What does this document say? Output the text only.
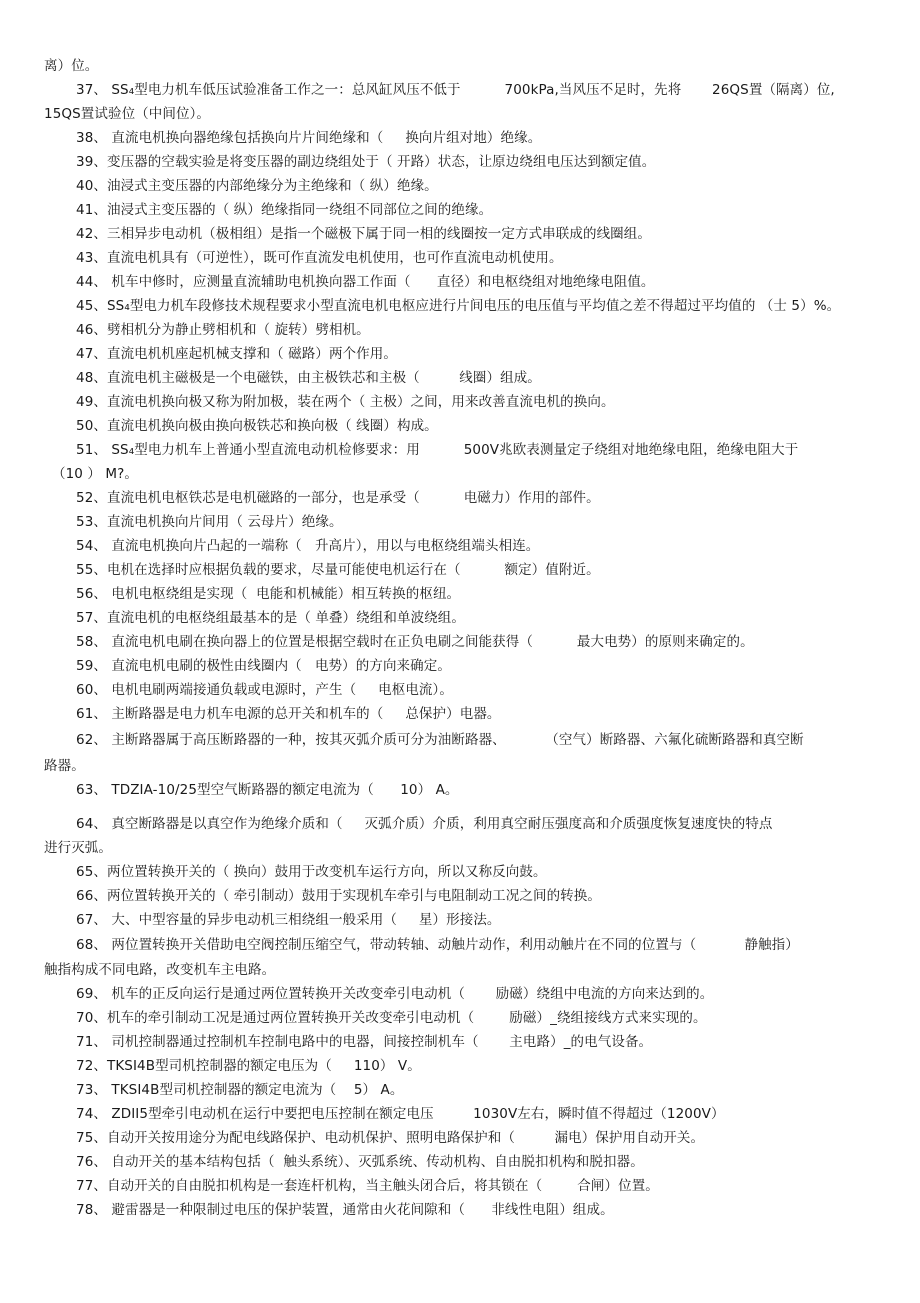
离）位。
37、 SS₄型电力机车低压试验准备工作之一：总风缸风压不低于          700kPa,当风压不足时，先将       26QS置（隔离）位,
15QS置试验位（中间位）。
38、 直流电机换向器绝缘包括换向片片间绝缘和（     换向片组对地）绝缘。
39、变压器的空载实验是将变压器的副边绕组处于（ 开路）状态，让原边绕组电压达到额定值。
40、油浸式主变压器的内部绝缘分为主绝缘和（ 纵）绝缘。
41、油浸式主变压器的（ 纵）绝缘指同一绕组不同部位之间的绝缘。
42、三相异步电动机（极相组）是指一个磁极下属于同一相的线圈按一定方式串联成的线圈组。
43、直流电机具有（可逆性），既可作直流发电机使用，也可作直流电动机使用。
44、 机车中修时，应测量直流辅助电机换向器工作面（      直径）和电枢绕组对地绝缘电阻值。
45、SS₄型电力机车段修技术规程要求小型直流电机电枢应进行片间电压的电压值与平均值之差不得超过平均值的 （士 5）%。
46、劈相机分为静止劈相机和（ 旋转）劈相机。
47、直流电机机座起机械支撑和（ 磁路）两个作用。
48、直流电机主磁极是一个电磁铁，由主极铁芯和主极（         线圈）组成。
49、直流电机换向极又称为附加极，装在两个（ 主极）之间，用来改善直流电机的换向。
50、直流电机换向极由换向极铁芯和换向极（ 线圈）构成。
51、 SS₄型电力机车上普通小型直流电动机检修要求：用          500V兆欧表测量定子绕组对地绝缘电阻，绝缘电阻大于
（10 ） M?。
52、直流电机电枢铁芯是电机磁路的一部分，也是承受（          电磁力）作用的部件。
53、直流电机换向片间用（ 云母片）绝缘。
54、 直流电机换向片凸起的一端称（   升高片），用以与电枢绕组端头相连。
55、电机在选择时应根据负载的要求，尽量可能使电机运行在（          额定）值附近。
56、 电机电枢绕组是实现（  电能和机械能）相互转换的枢纽。
57、直流电机的电枢绕组最基本的是（ 单叠）绕组和单波绕组。
58、 直流电机电刷在换向器上的位置是根据空载时在正负电刷之间能获得（          最大电势）的原则来确定的。
59、 直流电机电刷的极性由线圈内（   电势）的方向来确定。
60、 电机电刷两端接通负载或电源时，产生（     电枢电流）。
61、 主断路器是电力机车电源的总开关和机车的（     总保护）电器。
62、 主断路器属于高压断路器的一种，按其灭弧介质可分为油断路器、         （空气）断路器、六氟化硫断路器和真空断
路器。
63、 TDZIA-10/25型空气断路器的额定电流为（      10） A。
64、 真空断路器是以真空作为绝缘介质和（     灭弧介质）介质，利用真空耐压强度高和介质强度恢复速度快的特点
进行灭弧。
65、两位置转换开关的（ 换向）鼓用于改变机车运行方向，所以又称反向鼓。
66、两位置转换开关的（ 牵引制动）鼓用于实现机车牵引与电阻制动工况之间的转换。
67、 大、中型容量的异步电动机三相绕组一般采用（     星）形接法。
68、 两位置转换开关借助电空阀控制压缩空气，带动转轴、动触片动作，利用动触片在不同的位置与（           静触指）
触指构成不同电路，改变机车主电路。
69、 机车的正反向运行是通过两位置转换开关改变牵引电动机（       励磁）绕组中电流的方向来达到的。
70、机车的牵引制动工况是通过两位置转换开关改变牵引电动机（        励磁）_绕组接线方式来实现的。
71、 司机控制器通过控制机车控制电路中的电器，间接控制机车（       主电路）_的电气设备。
72、TKSI4B型司机控制器的额定电压为（     110） V。
73、 TKSI4B型司机控制器的额定电流为（    5） A。
74、 ZDII5型牵引电动机在运行中要把电压控制在额定电压         1030V左右，瞬时值不得超过（1200V）
75、自动开关按用途分为配电线路保护、电动机保护、照明电路保护和（         漏电）保护用自动开关。
76、 自动开关的基本结构包括（  触头系统）、灭弧系统、传动机构、自由脱扣机构和脱扣器。
77、自动开关的自由脱扣机构是一套连杆机构，当主触头闭合后，将其锁在（        合闸）位置。
78、 避雷器是一种限制过电压的保护装置，通常由火花间隙和（      非线性电阻）组成。
